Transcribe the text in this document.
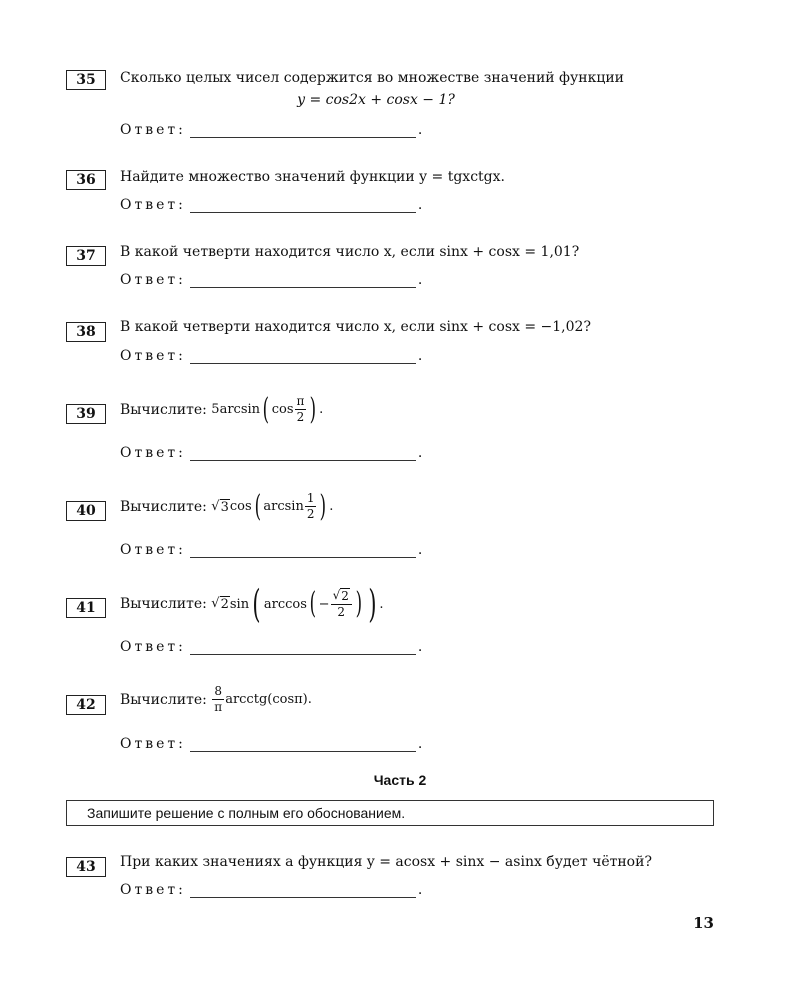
35	Сколько целых чисел содержится во множестве значений функции
y = cos2x + cosx − 1?
Ответ:	.
36	Найдите множество значений функции y = tgxctgx.
Ответ:	.
37	В какой четверти находится число x, если sinx + cosx = 1,01?
Ответ:	.
38	В какой четверти находится число x, если sinx + cosx = −1,02?
Ответ:	.
39	Вычислите:
5 arcsin ( $\cos \frac{\pi}{2}$ ) .
Ответ:	.
40	Вычислите:
√ 3 cos ( $\arcsin \frac{1}{2}$ ) .
Ответ:	.
41	Вычислите:
√ 2 sin ( arccos ( − $\frac{√ 2}{2}$ ) ) .
Ответ:	.
42	Вычислите:
$\frac{8}{\pi}$ arcctg(cosπ).
Ответ:	.
Часть 2
Запишите решение с полным его обоснованием.
43	При каких значениях a функция y = acosx + sinx − asinx будет чётной?
Ответ:	.
13
